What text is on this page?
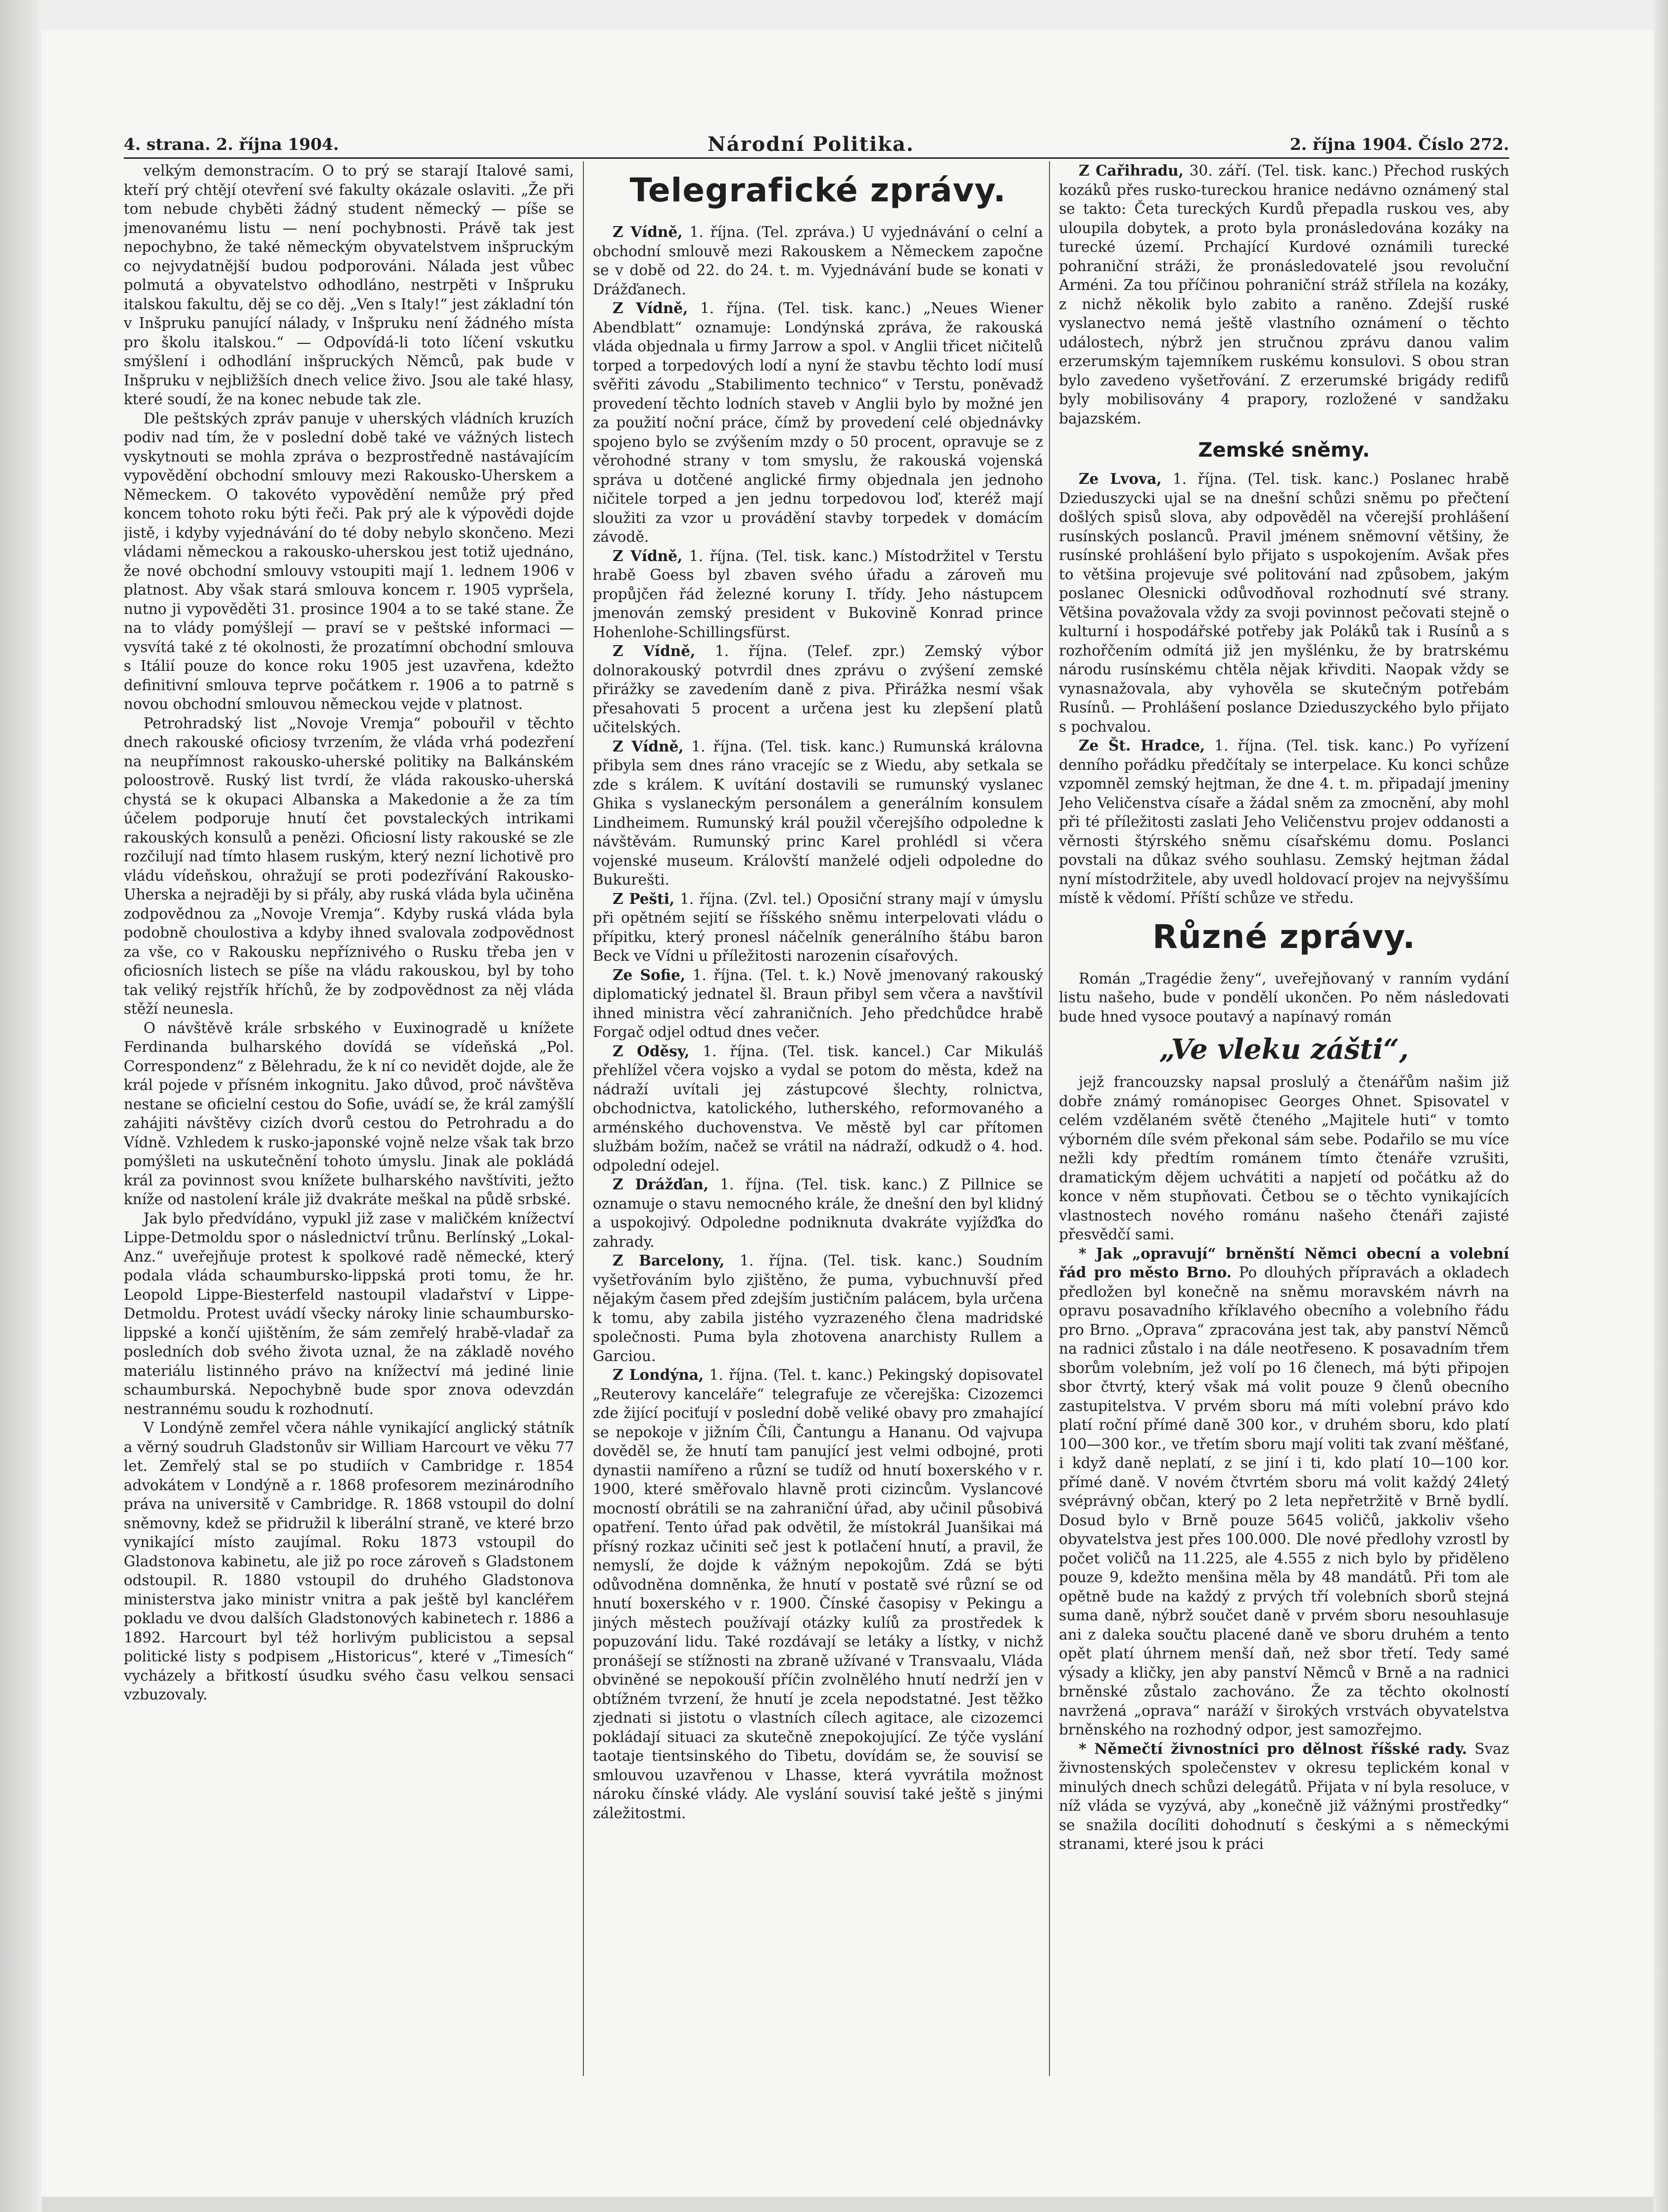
4. strana. 2. října 1904.	Národní Politika.	2. října 1904. Číslo 272.

velkým demonstracím. O to prý se starají Italové sami, kteří prý chtějí otevření své fakulty okázale oslaviti. „Že při tom nebude chyběti žádný student německý — píše se jmenovanému listu — není pochybnosti. Právě tak jest nepochybno, že také německým obyvatelstvem inšpruckým co nejvydatnější budou podporováni. Nálada jest vůbec polmutá a obyvatelstvo odhodláno, nestrpěti v Inšpruku italskou fakultu, děj se co děj. „Ven s Italy!“ jest základní tón v Inšpruku panující nálady, v Inšpruku není žádného místa pro školu italskou.“ — Odpovídá-li toto líčení vskutku smýšlení i odhodlání inšpruckých Němců, pak bude v Inšpruku v nejbližších dnech velice živo. Jsou ale také hlasy, které soudí, že na konec nebude tak zle.

Dle peštských zpráv panuje v uherských vládních kruzích podiv nad tím, že v poslední době také ve vážných listech vyskytnouti se mohla zpráva o bezprostředně nastávajícím vypovědění obchodní smlouvy mezi Rakousko-Uherskem a Německem. O takovéto vypovědění nemůže prý před koncem tohoto roku býti řeči. Pak prý ale k výpovědi dojde jistě, i kdyby vyjednávání do té doby nebylo skončeno. Mezi vládami německou a rakousko-uherskou jest totiž ujednáno, že nové obchodní smlouvy vstoupiti mají 1. lednem 1906 v platnost. Aby však stará smlouva koncem r. 1905 vypršela, nutno ji vypověděti 31. prosince 1904 a to se také stane. Že na to vlády pomýšlejí — praví se v peštské informaci — vysvítá také z té okolnosti, že prozatímní obchodní smlouva s Itálií pouze do konce roku 1905 jest uzavřena, kdežto definitivní smlouva teprve počátkem r. 1906 a to patrně s novou obchodní smlouvou německou vejde v platnost.

Petrohradský list „Novoje Vremja“ pobouřil v těchto dnech rakouské oficiosy tvrzením, že vláda vrhá podezření na neupřímnost rakousko-uherské politiky na Balkánském poloostrově. Ruský list tvrdí, že vláda rakousko-uherská chystá se k okupaci Albanska a Makedonie a že za tím účelem podporuje hnutí čet povstaleckých intrikami rakouských konsulů a penězi. Oficiosní listy rakouské se zle rozčilují nad tímto hlasem ruským, který nezní lichotivě pro vládu vídeňskou, ohražují se proti podezřívání Rakousko-Uherska a nejraději by si přály, aby ruská vláda byla učiněna zodpovědnou za „Novoje Vremja“. Kdyby ruská vláda byla podobně choulostiva a kdyby ihned svalovala zodpovědnost za vše, co v Rakousku nepříznivého o Rusku třeba jen v oficiosních listech se píše na vládu rakouskou, byl by toho tak veliký rejstřík hříchů, že by zodpovědnost za něj vláda stěží neunesla.

O návštěvě krále srbského v Euxinogradě u knížete Ferdinanda bulharského dovídá se vídeňská „Pol. Correspondenz“ z Bělehradu, že k ní co nevidět dojde, ale že král pojede v přísném inkognitu. Jako důvod, proč návštěva nestane se oficielní cestou do Sofie, uvádí se, že král zamýšlí zahájiti návštěvy cizích dvorů cestou do Petrohradu a do Vídně. Vzhledem k rusko-japonské vojně nelze však tak brzo pomýšleti na uskutečnění tohoto úmyslu. Jinak ale pokládá král za povinnost svou knížete bulharského navštíviti, ježto kníže od nastolení krále již dvakráte meškal na půdě srbské.

Jak bylo předvídáno, vypukl již zase v maličkém knížectví Lippe-Detmoldu spor o následnictví trůnu. Berlínský „Lokal-Anz.“ uveřejňuje protest k spolkové radě německé, který podala vláda schaumbursko-lippská proti tomu, že hr. Leopold Lippe-Biesterfeld nastoupil vladařství v Lippe-Detmoldu. Protest uvádí všecky nároky linie schaumbursko-lippské a končí ujištěním, že sám zemřelý hrabě-vladař za posledních dob svého života uznal, že na základě nového materiálu listinného právo na knížectví má jediné linie schaumburská. Nepochybně bude spor znova odevzdán nestrannému soudu k rozhodnutí.

V Londýně zemřel včera náhle vynikající anglický státník a věrný soudruh Gladstonův sir William Harcourt ve věku 77 let. Zemřelý stal se po studiích v Cambridge r. 1854 advokátem v Londýně a r. 1868 profesorem mezinárodního práva na universitě v Cambridge. R. 1868 vstoupil do dolní sněmovny, kdež se přidružil k liberální straně, ve které brzo vynikající místo zaujímal. Roku 1873 vstoupil do Gladstonova kabinetu, ale již po roce zároveň s Gladstonem odstoupil. R. 1880 vstoupil do druhého Gladstonova ministerstva jako ministr vnitra a pak ještě byl kancléřem pokladu ve dvou dalších Gladstonových kabinetech r. 1886 a 1892. Harcourt byl též horlivým publicistou a sepsal politické listy s podpisem „Historicus“, které v „Timesích“ vycházely a břitkostí úsudku svého času velkou sensaci vzbuzovaly.

Telegrafické zprávy.

Z Vídně, 1. října. (Tel. zpráva.) U vyjednávání o celní a obchodní smlouvě mezi Rakouskem a Německem započne se v době od 22. do 24. t. m. Vyjednávání bude se konati v Drážďanech.

Z Vídně, 1. října. (Tel. tisk. kanc.) „Neues Wiener Abendblatt“ oznamuje: Londýnská zpráva, že rakouská vláda objednala u firmy Jarrow a spol. v Anglii třicet ničitelů torped a torpedových lodí a nyní že stavbu těchto lodí musí svěřiti závodu „Stabilimento technico“ v Terstu, poněvadž provedení těchto lodních staveb v Anglii bylo by možné jen za použití noční práce, čímž by provedení celé objednávky spojeno bylo se zvýšením mzdy o 50 procent, opravuje se z věrohodné strany v tom smyslu, že rakouská vojenská správa u dotčené anglické firmy objednala jen jednoho ničitele torped a jen jednu torpedovou loď, kteréž mají sloužiti za vzor u provádění stavby torpedek v domácím závodě.

Z Vídně, 1. října. (Tel. tisk. kanc.) Místodržitel v Terstu hrabě Goess byl zbaven svého úřadu a zároveň mu propůjčen řád železné koruny I. třídy. Jeho nástupcem jmenován zemský president v Bukovině Konrad prince Hohenlohe-Schillingsfürst.

Z Vídně, 1. října. (Telef. zpr.) Zemský výbor dolnorakouský potvrdil dnes zprávu o zvýšení zemské přirážky se zavedením daně z piva. Přirážka nesmí však přesahovati 5 procent a určena jest ku zlepšení platů učitelských.

Z Vídně, 1. října. (Tel. tisk. kanc.) Rumunská královna přibyla sem dnes ráno vracejíc se z Wiedu, aby setkala se zde s králem. K uvítání dostavili se rumunský vyslanec Ghika s vyslaneckým personálem a generálním konsulem Lindheimem. Rumunský král použil včerejšího odpoledne k návštěvám. Rumunský princ Karel prohlédl si včera vojenské museum. Královští manželé odjeli odpoledne do Bukurešti.

Z Pešti, 1. října. (Zvl. tel.) Oposiční strany mají v úmyslu při opětném sejití se říšského sněmu interpelovati vládu o přípitku, který pronesl náčelník generálního štábu baron Beck ve Vídni u příležitosti narozenin císařových.

Ze Sofie, 1. října. (Tel. t. k.) Nově jmenovaný rakouský diplomatický jednatel šl. Braun přibyl sem včera a navštívil ihned ministra věcí zahraničních. Jeho předchůdce hrabě Forgač odjel odtud dnes večer.

Z Oděsy, 1. října. (Tel. tisk. kancel.) Car Mikuláš přehlížel včera vojsko a vydal se potom do města, kdež na nádraží uvítali jej zástupcové šlechty, rolnictva, obchodnictva, katolického, lutherského, reformovaného a arménského duchovenstva. Ve městě byl car přítomen službám božím, načež se vrátil na nádraží, odkudž o 4. hod. odpolední odejel.

Z Drážďan, 1. října. (Tel. tisk. kanc.) Z Pillnice se oznamuje o stavu nemocného krále, že dnešní den byl klidný a uspokojivý. Odpoledne podniknuta dvakráte vyjížďka do zahrady.

Z Barcelony, 1. října. (Tel. tisk. kanc.) Soudním vyšetřováním bylo zjištěno, že puma, vybuchnuvší před nějakým časem před zdejším justičním palácem, byla určena k tomu, aby zabila jistého vyzrazeného člena madridské společnosti. Puma byla zhotovena anarchisty Rullem a Garciou.

Z Londýna, 1. října. (Tel. t. kanc.) Pekingský dopisovatel „Reuterovy kanceláře“ telegrafuje ze včerejška: Cizozemci zde žijící pociťují v poslední době veliké obavy pro zmahající se nepokoje v jižním Číli, Čantungu a Hananu. Od vajvupa dověděl se, že hnutí tam panující jest velmi odbojné, proti dynastii namířeno a různí se tudíž od hnutí boxerského v r. 1900, které směřovalo hlavně proti cizincům. Vyslancové mocností obrátili se na zahraniční úřad, aby učinil působivá opatření. Tento úřad pak odvětil, že místokrál Juanšikai má přísný rozkaz učiniti seč jest k potlačení hnutí, a pravil, že nemyslí, že dojde k vážným nepokojům. Zdá se býti odůvodněna domněnka, že hnutí v postatě své různí se od hnutí boxerského v r. 1900. Čínské časopisy v Pekingu a jiných městech používají otázky kulíů za prostředek k popuzování lidu. Také rozdávají se letáky a lístky, v nichž pronášejí se stížnosti na zbraně užívané v Transvaalu, Vláda obviněné se nepokouší příčin zvolnělého hnutí nedrží jen v obtížném tvrzení, že hnutí je zcela nepodstatné. Jest těžko zjednati si jistotu o vlastních cílech agitace, ale cizozemci pokládají situaci za skutečně znepokojující. Ze týče vyslání taotaje tientsinského do Tibetu, dovídám se, že souvisí se smlouvou uzavřenou v Lhasse, která vyvrátila možnost nároku čínské vlády. Ale vyslání souvisí také ještě s jinými záležitostmi.

Z Cařihradu, 30. září. (Tel. tisk. kanc.) Přechod ruských kozáků přes rusko-tureckou hranice nedávno oznámený stal se takto: Četa tureckých Kurdů přepadla ruskou ves, aby uloupila dobytek, a proto byla pronásledována kozáky na turecké území. Prchající Kurdové oznámili turecké pohraniční stráži, že pronásledovatelé jsou revoluční Arméni. Za tou příčinou pohraniční stráž střílela na kozáky, z nichž několik bylo zabito a raněno. Zdejší ruské vyslanectvo nemá ještě vlastního oznámení o těchto událostech, nýbrž jen stručnou zprávu danou valim erzerumským tajemníkem ruskému konsulovi. S obou stran bylo zavedeno vyšetřování. Z erzerumské brigády redifů byly mobilisovány 4 prapory, rozložené v sandžaku bajazském.

Zemské sněmy.

Ze Lvova, 1. října. (Tel. tisk. kanc.) Poslanec hrabě Dzieduszycki ujal se na dnešní schůzi sněmu po přečtení došlých spisů slova, aby odpověděl na včerejší prohlášení rusínských poslanců. Pravil jménem sněmovní většiny, že rusínské prohlášení bylo přijato s uspokojením. Avšak přes to většina projevuje své politování nad způsobem, jakým poslanec Olesnicki odůvodňoval rozhodnutí své strany. Většina považovala vždy za svoji povinnost pečovati stejně o kulturní i hospodářské potřeby jak Poláků tak i Rusínů a s rozhořčením odmítá již jen myšlénku, že by bratrskému národu rusínskému chtěla nějak křivditi. Naopak vždy se vynasnažovala, aby vyhověla se skutečným potřebám Rusínů. — Prohlášení poslance Dzieduszyckého bylo přijato s pochvalou.

Ze Št. Hradce, 1. října. (Tel. tisk. kanc.) Po vyřízení denního pořádku předčítaly se interpelace. Ku konci schůze vzpomněl zemský hejtman, že dne 4. t. m. připadají jmeniny Jeho Veličenstva císaře a žádal sněm za zmocnění, aby mohl při té příležitosti zaslati Jeho Veličenstvu projev oddanosti a věrnosti štýrského sněmu císařskému domu. Poslanci povstali na důkaz svého souhlasu. Zemský hejtman žádal nyní místodržitele, aby uvedl holdovací projev na nejvyššímu místě k vědomí. Příští schůze ve středu.

Různé zprávy.

Román „Tragédie ženy“, uveřejňovaný v ranním vydání listu našeho, bude v pondělí ukončen. Po něm následovati bude hned vysoce poutavý a napínavý román

„Ve vleku zášti“,

jejž francouzsky napsal proslulý a čtenářům našim již dobře známý románopisec Georges Ohnet. Spisovatel v celém vzdělaném světě čteného „Majitele huti“ v tomto výborném díle svém překonal sám sebe. Podařilo se mu více nežli kdy předtím románem tímto čtenáře vzrušiti, dramatickým dějem uchvátiti a napjetí od počátku až do konce v něm stupňovati. Četbou se o těchto vynikajících vlastnostech nového románu našeho čtenáři zajisté přesvědčí sami.

* Jak „opravují“ brněnští Němci obecní a volební řád pro město Brno. Po dlouhých přípravách a okladech předložen byl konečně na sněmu moravském návrh na opravu posavadního kříklavého obecního a volebního řádu pro Brno. „Oprava“ zpracována jest tak, aby panství Němců na radnici zůstalo i na dále neotřeseno. K posavadním třem sborům volebním, jež volí po 16 členech, má býti připojen sbor čtvrtý, který však má volit pouze 9 členů obecního zastupitelstva. V prvém sboru má míti volební právo kdo platí roční přímé daně 300 kor., v druhém sboru, kdo platí 100—300 kor., ve třetím sboru mají voliti tak zvaní měšťané, i když daně neplatí, z se jiní i ti, kdo platí 10—100 kor. přímé daně. V novém čtvrtém sboru má volit každý 24letý svéprávný občan, který po 2 leta nepřetržitě v Brně bydlí. Dosud bylo v Brně pouze 5645 voličů, jakkoliv všeho obyvatelstva jest přes 100.000. Dle nové předlohy vzrostl by počet voličů na 11.225, ale 4.555 z nich bylo by přiděleno pouze 9, kdežto menšina měla by 48 mandátů. Při tom ale opětně bude na každý z prvých tří volebních sborů stejná suma daně, nýbrž součet daně v prvém sboru nesouhlasuje ani z daleka součtu placené daně ve sboru druhém a tento opět platí úhrnem menší daň, než sbor třetí. Tedy samé výsady a kličky, jen aby panství Němců v Brně a na radnici brněnské zůstalo zachováno. Že za těchto okolností navržená „oprava“ naráží v širokých vrstvách obyvatelstva brněnského na rozhodný odpor, jest samozřejmo.

* Němečtí živnostníci pro dělnost říšské rady. Svaz živnostenských společenstev v okresu teplickém konal v minulých dnech schůzi delegátů. Přijata v ní byla resoluce, v níž vláda se vyzývá, aby „konečně již vážnými prostředky“ se snažila docíliti dohodnutí s českými a s německými stranami, které jsou k práci
